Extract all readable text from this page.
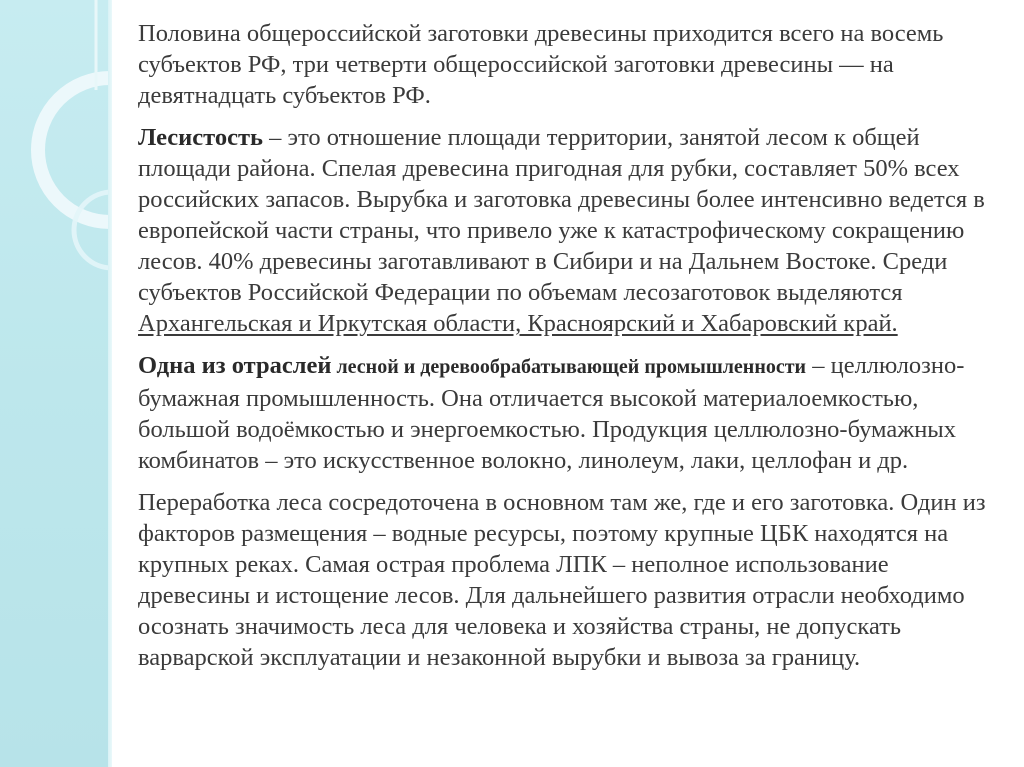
Половина общероссийской заготовки древесины приходится всего на восемь субъектов РФ, три четверти общероссийской заготовки древесины — на девятнадцать субъектов РФ.

Лесистость – это отношение площади территории, занятой лесом к общей площади района. Спелая древесина пригодная для рубки, составляет 50% всех российских запасов. Вырубка и заготовка древесины более интенсивно ведется в европейской части страны, что привело уже к катастрофическому сокращению лесов. 40% древесины заготавливают в Сибири и на Дальнем Востоке. Среди субъектов Российской Федерации по объемам лесозаготовок выделяются Архангельская и Иркутская области, Красноярский и Хабаровский край.

Одна из отраслей лесной и деревообрабатывающей промышленности – целлюлозно-бумажная промышленность. Она отличается высокой материалоемкостью, большой водоёмкостью и энергоемкостью. Продукция целлюлозно-бумажных комбинатов – это искусственное волокно, линолеум, лаки, целлофан и др.

Переработка леса сосредоточена в основном там же, где и его заготовка. Один из факторов размещения – водные ресурсы, поэтому крупные ЦБК находятся на крупных реках. Самая острая проблема ЛПК – неполное использование древесины и истощение лесов. Для дальнейшего развития отрасли необходимо осознать значимость леса для человека и хозяйства страны, не допускать варварской эксплуатации и незаконной вырубки и вывоза за границу.
